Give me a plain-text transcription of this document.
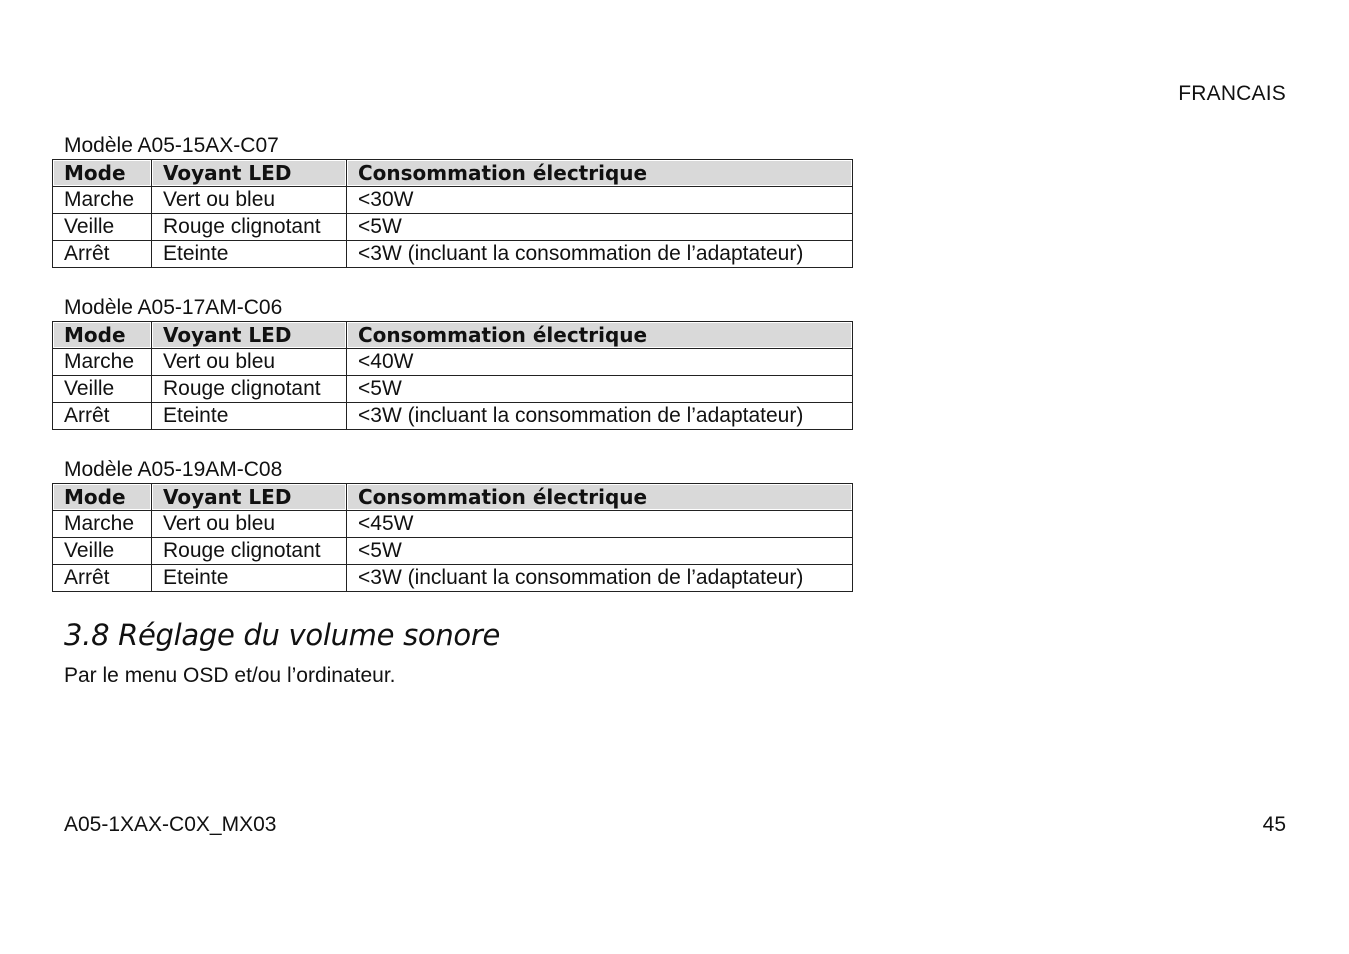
FRANCAIS
Modèle A05-15AX-C07
Mode	Voyant LED	Consommation électrique
Marche	Vert ou bleu	<30W
Veille	Rouge clignotant	<5W
Arrêt	Eteinte	<3W (incluant la consommation de l’adaptateur)
Modèle A05-17AM-C06
Mode	Voyant LED	Consommation électrique
Marche	Vert ou bleu	<40W
Veille	Rouge clignotant	<5W
Arrêt	Eteinte	<3W (incluant la consommation de l’adaptateur)
Modèle A05-19AM-C08
Mode	Voyant LED	Consommation électrique
Marche	Vert ou bleu	<45W
Veille	Rouge clignotant	<5W
Arrêt	Eteinte	<3W (incluant la consommation de l’adaptateur)
3.8 Réglage du volume sonore

Par le menu OSD et/ou l’ordinateur.

A05-1XAX-C0X_MX03	45
